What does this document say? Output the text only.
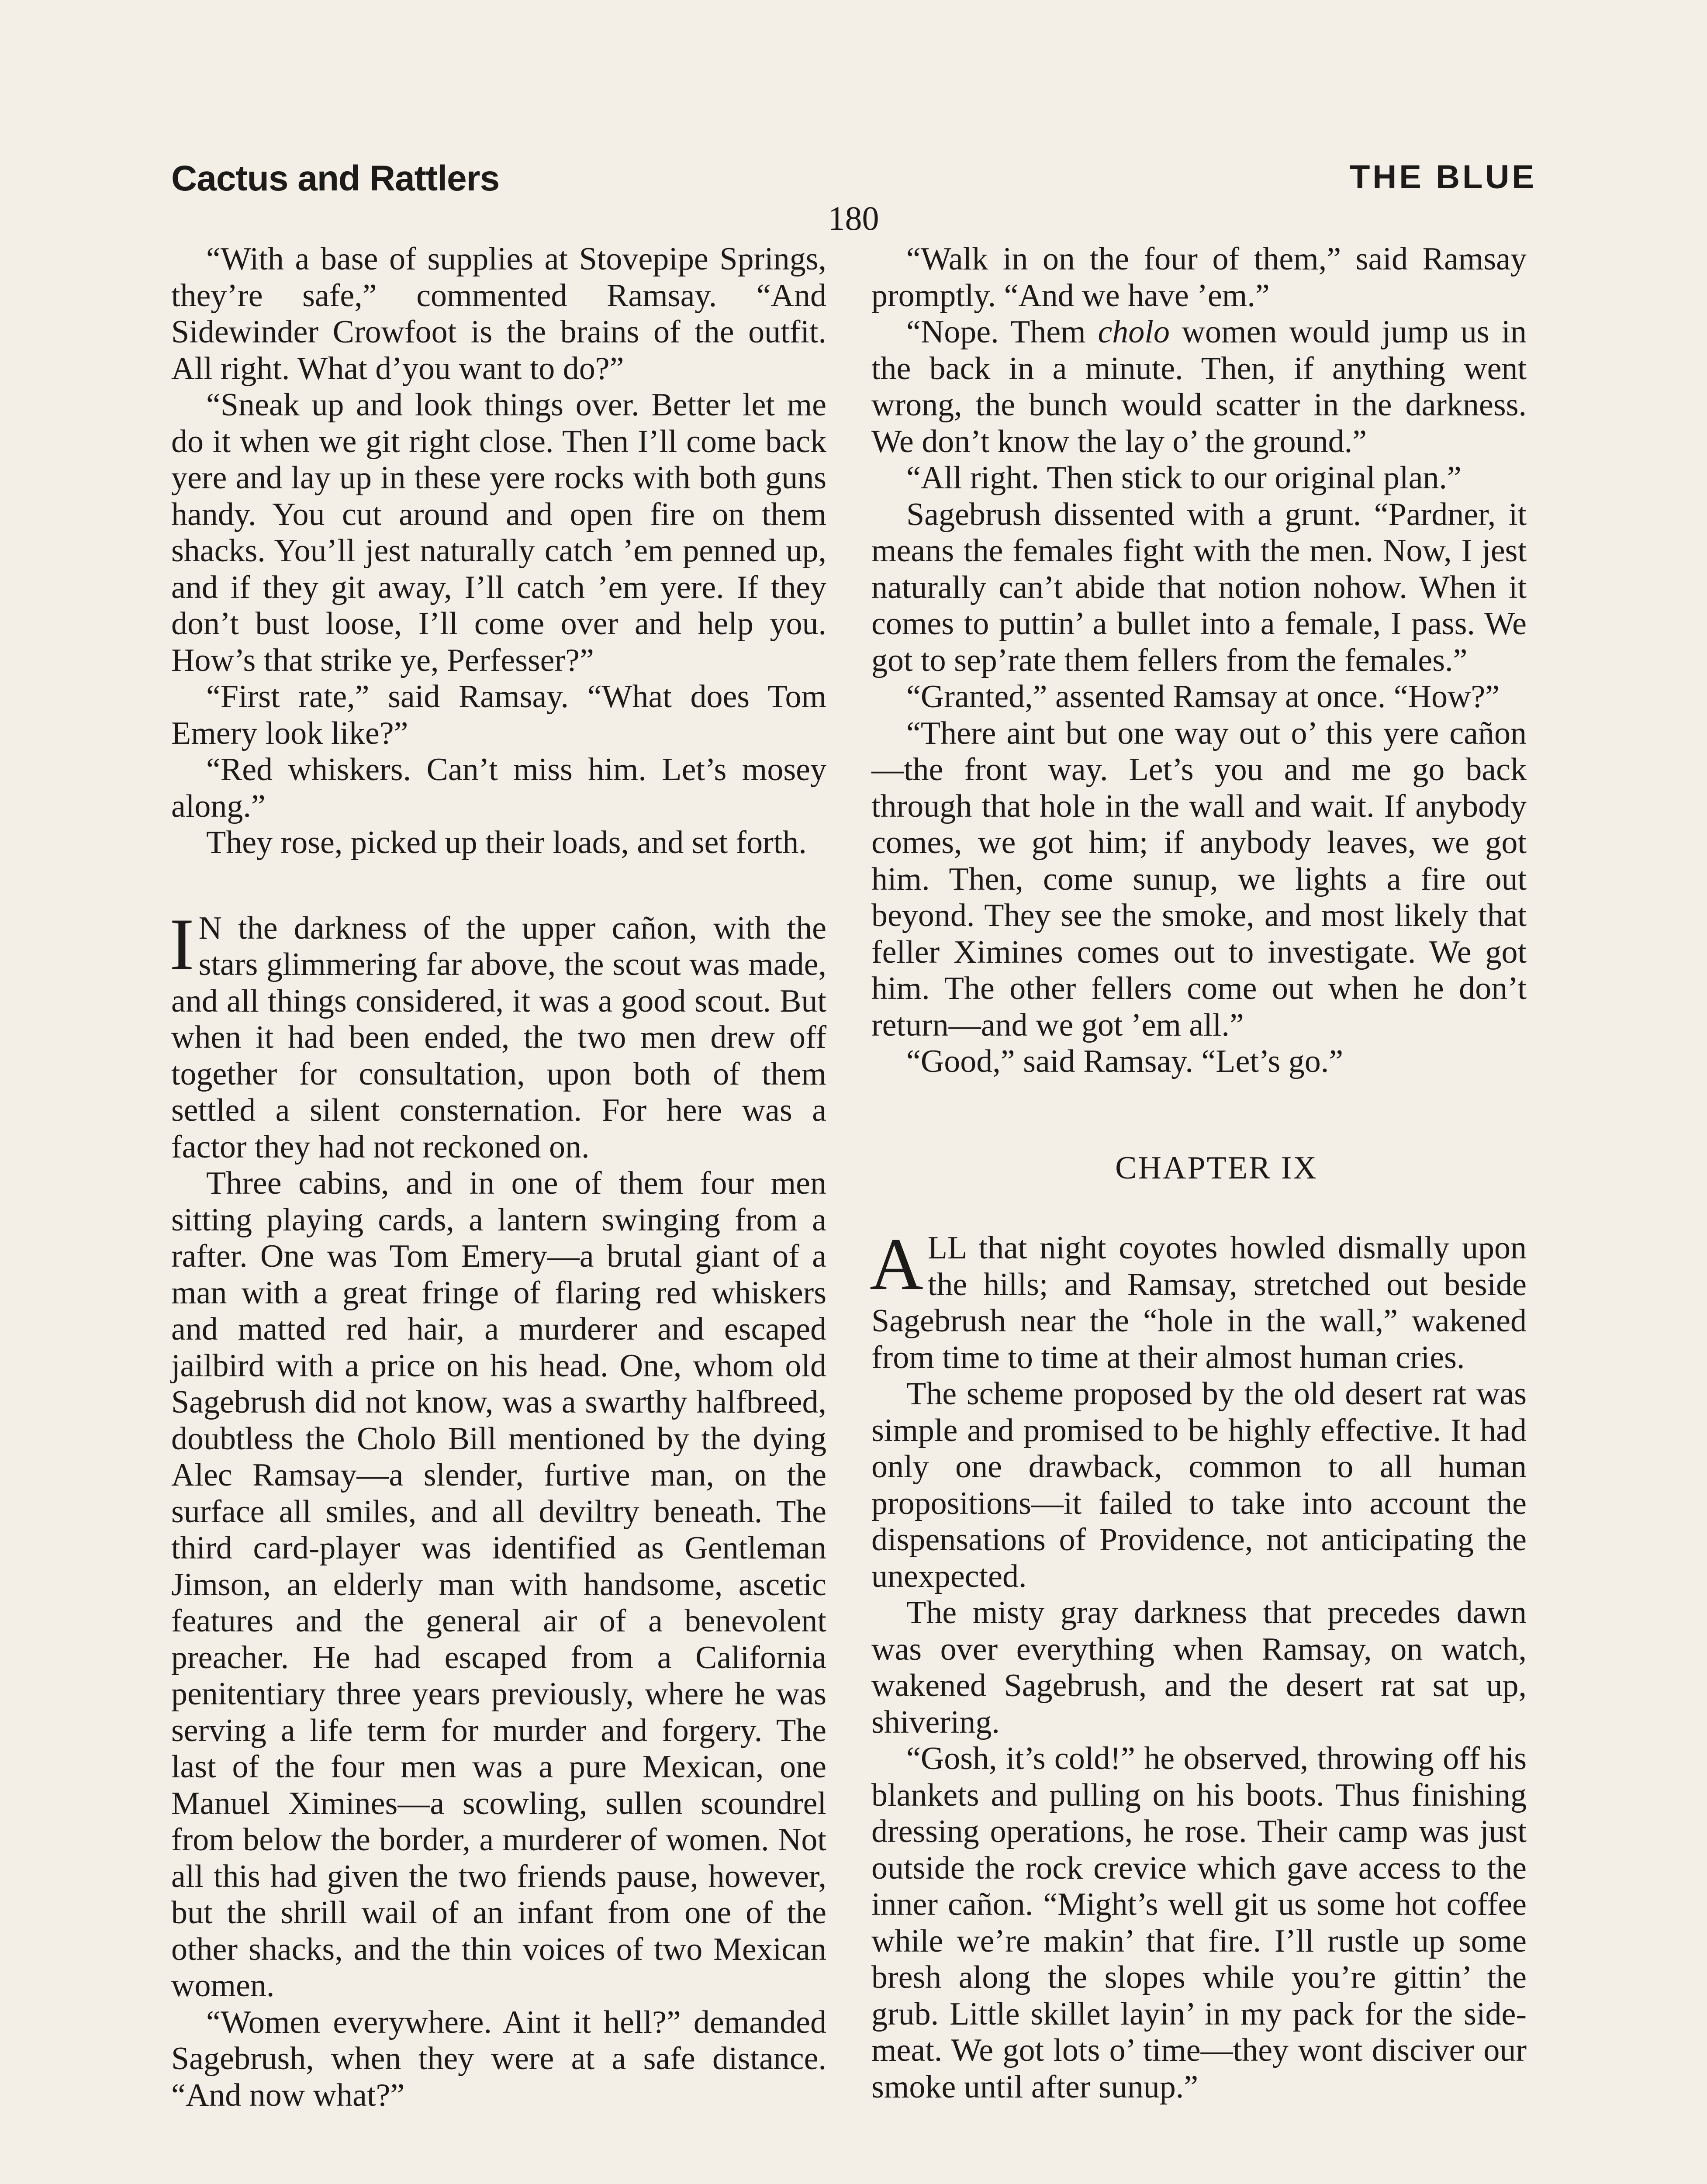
Cactus and Rattlers	THE BLUE
180

“With a base of supplies at Stovepipe Springs, they’re safe,” commented Ramsay. “And Sidewinder Crowfoot is the brains of the outfit. All right. What d’you want to do?”

“Sneak up and look things over. Better let me do it when we git right close. Then I’ll come back yere and lay up in these yere rocks with both guns handy. You cut around and open fire on them shacks. You’ll jest naturally catch ’em penned up, and if they git away, I’ll catch ’em yere. If they don’t bust loose, I’ll come over and help you. How’s that strike ye, Perfesser?”

“First rate,” said Ramsay. “What does Tom Emery look like?”

“Red whiskers. Can’t miss him. Let’s mosey along.”

They rose, picked up their loads, and set forth.

I N the darkness of the upper cañon, with the stars glimmering far above, the scout was made, and all things considered, it was a good scout. But when it had been ended, the two men drew off together for consultation, upon both of them settled a silent consternation. For here was a factor they had not reckoned on.

Three cabins, and in one of them four men sitting playing cards, a lantern swinging from a rafter. One was Tom Emery—a brutal giant of a man with a great fringe of flaring red whiskers and matted red hair, a murderer and escaped jailbird with a price on his head. One, whom old Sagebrush did not know, was a swarthy halfbreed, doubtless the Cholo Bill mentioned by the dying Alec Ramsay—a slender, furtive man, on the surface all smiles, and all deviltry beneath. The third card-player was identified as Gentleman Jimson, an elderly man with handsome, ascetic features and the general air of a benevolent preacher. He had escaped from a California penitentiary three years previously, where he was serving a life term for murder and forgery. The last of the four men was a pure Mexican, one Manuel Ximines—a scowling, sullen scoundrel from below the border, a murderer of women. Not all this had given the two friends pause, however, but the shrill wail of an infant from one of the other shacks, and the thin voices of two Mexican women.

“Women everywhere. Aint it hell?” demanded Sagebrush, when they were at a safe distance. “And now what?”

“Walk in on the four of them,” said Ramsay promptly. “And we have ’em.”

“Nope. Them cholo women would jump us in the back in a minute. Then, if anything went wrong, the bunch would scatter in the darkness. We don’t know the lay o’ the ground.”

“All right. Then stick to our original plan.”

Sagebrush dissented with a grunt. “Pardner, it means the females fight with the men. Now, I jest naturally can’t abide that notion nohow. When it comes to puttin’ a bullet into a female, I pass. We got to sep’rate them fellers from the females.”

“Granted,” assented Ramsay at once. “How?”

“There aint but one way out o’ this yere cañon—the front way. Let’s you and me go back through that hole in the wall and wait. If anybody comes, we got him; if anybody leaves, we got him. Then, come sunup, we lights a fire out beyond. They see the smoke, and most likely that feller Ximines comes out to investigate. We got him. The other fellers come out when he don’t return—and we got ’em all.”

“Good,” said Ramsay. “Let’s go.”

CHAPTER IX

ALL that night coyotes howled dismally upon the hills; and Ramsay, stretched out beside Sagebrush near the “hole in the wall,” wakened from time to time at their almost human cries.

The scheme proposed by the old desert rat was simple and promised to be highly effective. It had only one drawback, common to all human propositions—it failed to take into account the dispensations of Providence, not anticipating the unexpected.

The misty gray darkness that precedes dawn was over everything when Ramsay, on watch, wakened Sagebrush, and the desert rat sat up, shivering.

“Gosh, it’s cold!” he observed, throwing off his blankets and pulling on his boots. Thus finishing dressing operations, he rose. Their camp was just outside the rock crevice which gave access to the inner cañon. “Might’s well git us some hot coffee while we’re makin’ that fire. I’ll rustle up some bresh along the slopes while you’re gittin’ the grub. Little skillet layin’ in my pack for the side-meat. We got lots o’ time—they wont disciver our smoke until after sunup.”
